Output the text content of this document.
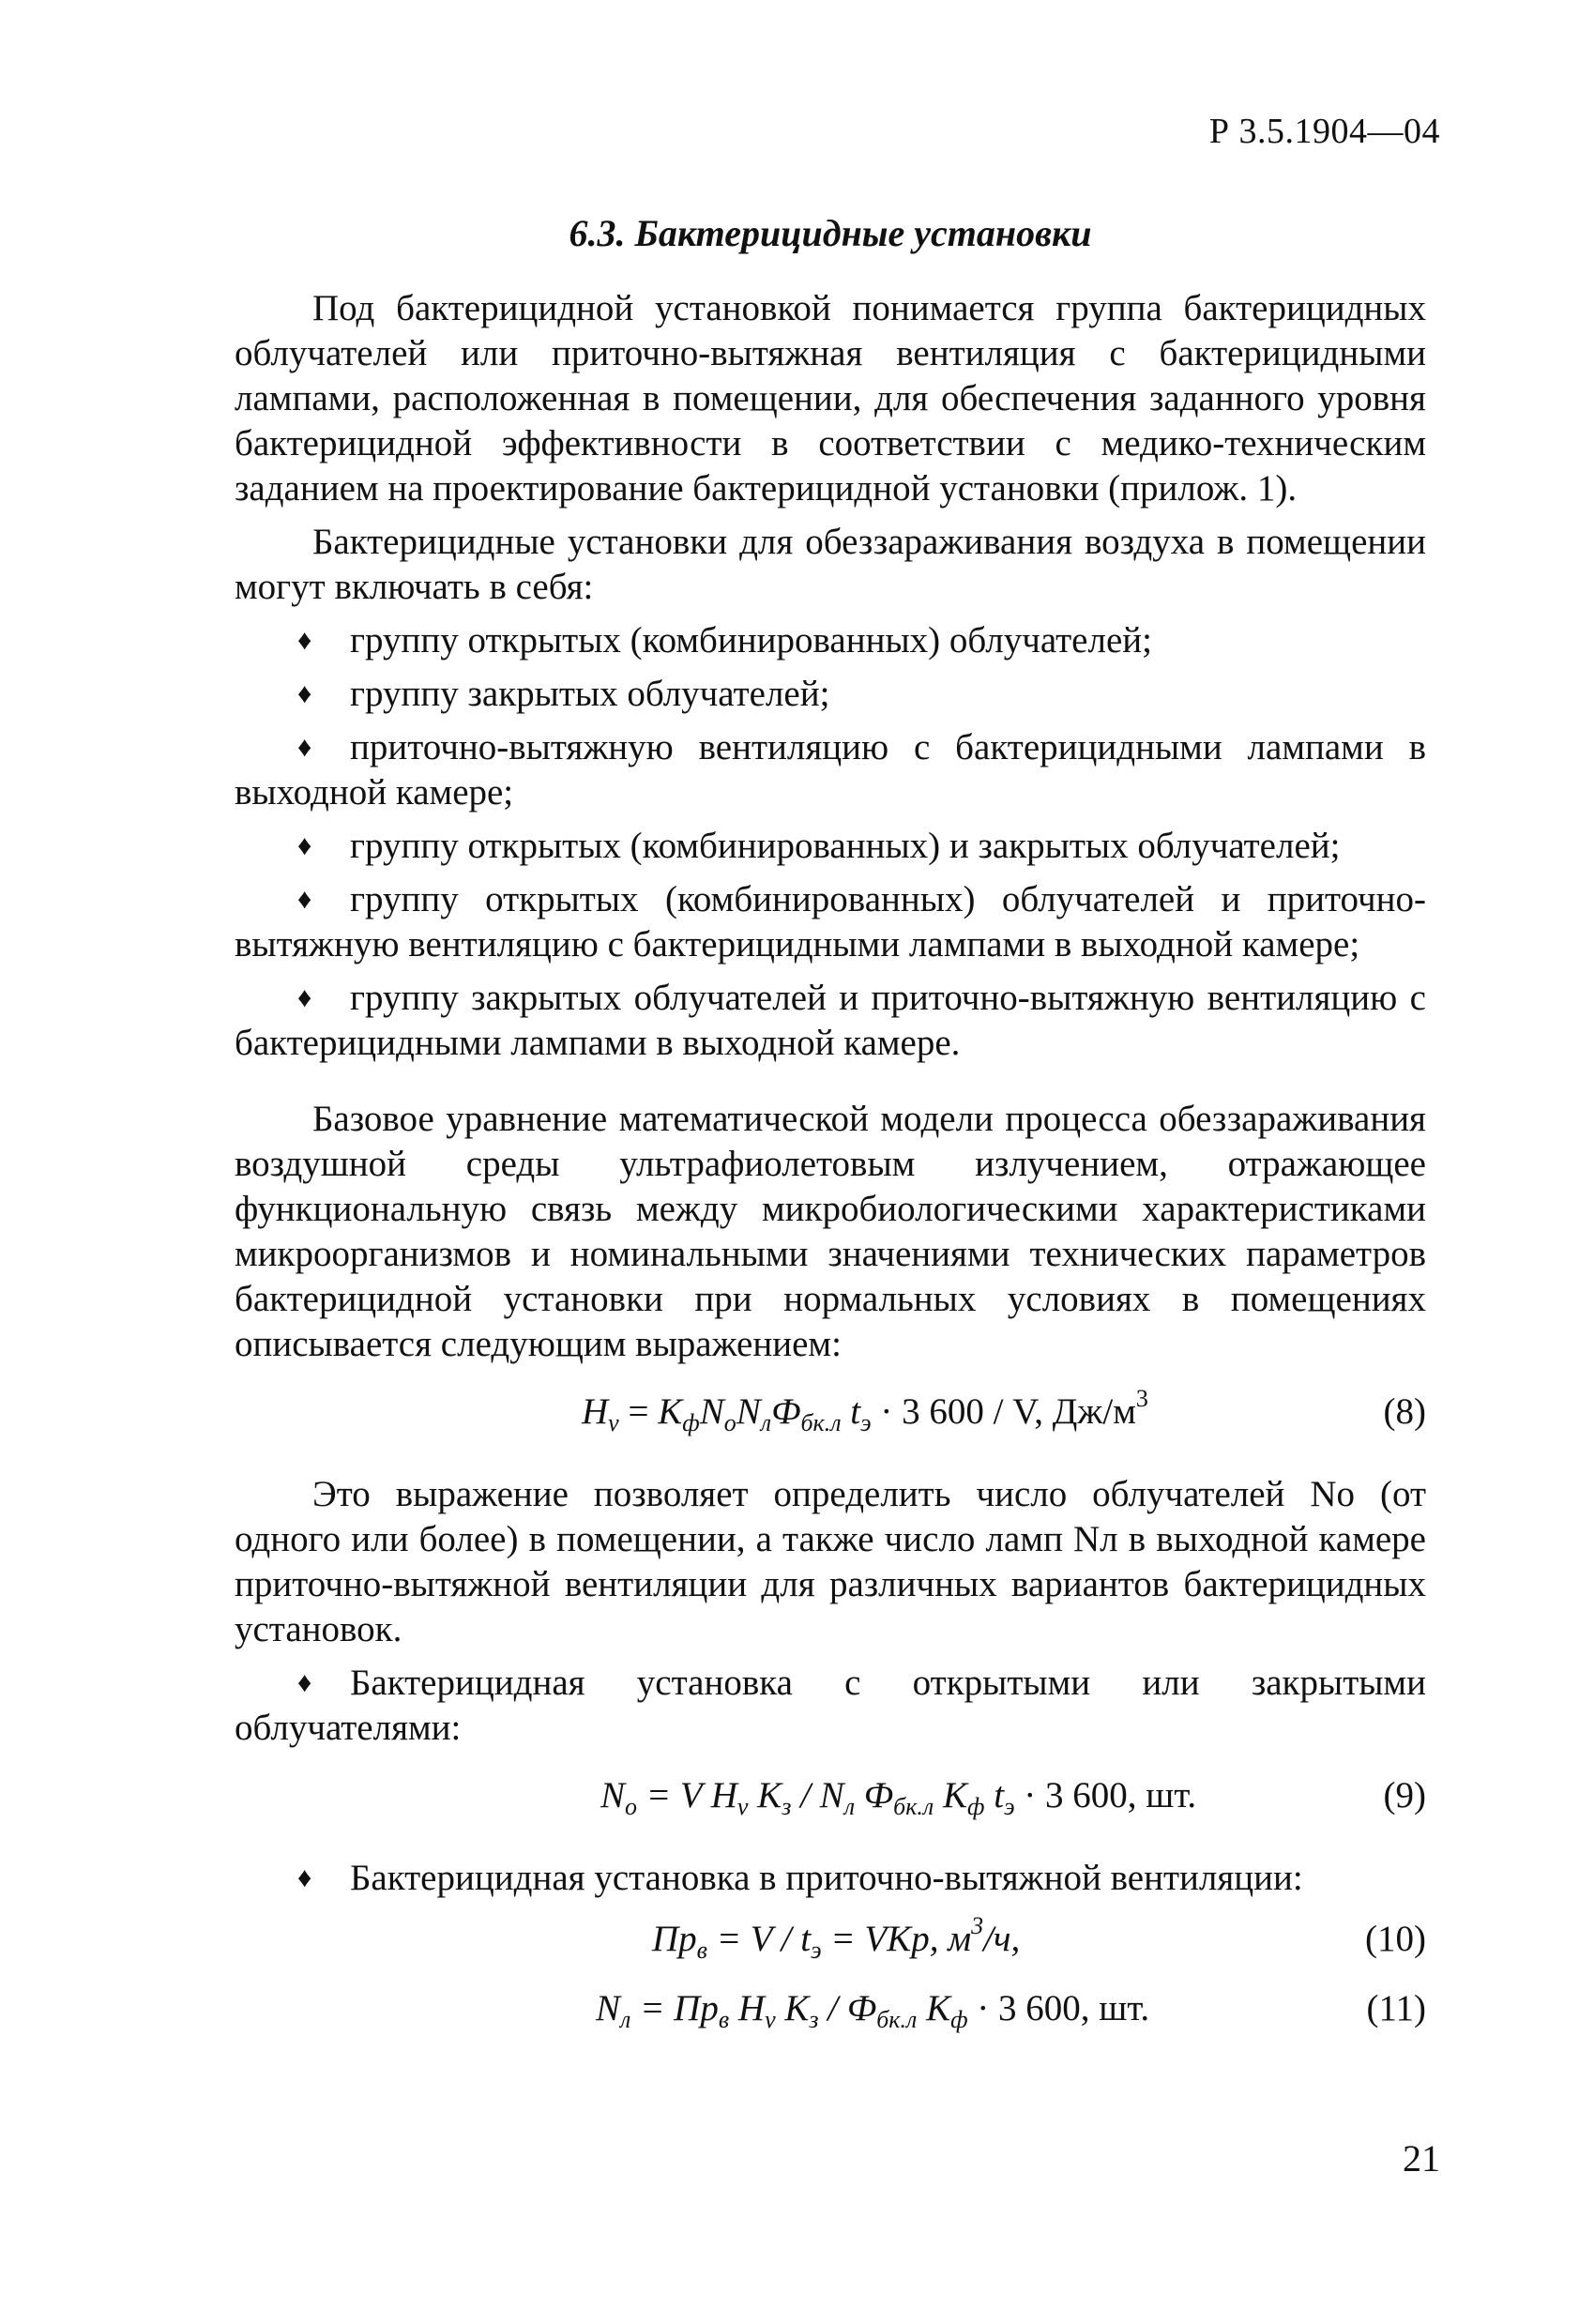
Р 3.5.1904—04
6.3. Бактерицидные установки

Под бактерицидной установкой понимается группа бактерицидных облучателей или приточно-вытяжная вентиляция с бактерицидными лампами, расположенная в помещении, для обеспечения заданного уровня бактерицидной эффективности в соответствии с медико-техническим заданием на проектирование бактерицидной установки (прилож. 1).

Бактерицидные установки для обеззараживания воздуха в помещении могут включать в себя:

♦ группу открытых (комбинированных) облучателей;

♦ группу закрытых облучателей;

♦ приточно-вытяжную вентиляцию с бактерицидными лампами в выходной камере;

♦ группу открытых (комбинированных) и закрытых облучателей;

♦ группу открытых (комбинированных) облучателей и приточно-вытяжную вентиляцию с бактерицидными лампами в выходной камере;

♦ группу закрытых облучателей и приточно-вытяжную вентиляцию с бактерицидными лампами в выходной камере.

Базовое уравнение математической модели процесса обеззараживания воздушной среды ультрафиолетовым излучением, отражающее функциональную связь между микробиологическими характеристиками микроорганизмов и номинальными значениями технических параметров бактерицидной установки при нормальных условиях в помещениях описывается следующим выражением:

$H_v = K_фN_оN_лФ_{бк.л}$ $t_э \cdot 3$ 600 / V, $Дж/м^3$	(8)

Это выражение позволяет определить число облучателей Nо (от одного или более) в помещении, а также число ламп Nл в выходной камере приточно-вытяжной вентиляции для различных вариантов бактерицидных установок.

♦ Бактерицидная установка с открытыми или закрытыми облучателями:

$N_о = V$ $H_v$ $K_з / N_л$ $Ф_{бк.л}$ $K_ф$ $t_э \cdot 3$ 600, шт.	(9)

♦ Бактерицидная установка в приточно-вытяжной вентиляции:

$Пр_в = V / t_э$ = VKр, $м^3/ч$,	(10)
$N_л = Пр_в$ $H_v$ $K_з / Ф_{бк.л}$ $K_ф \cdot 3$ 600, шт.	(11)
21
